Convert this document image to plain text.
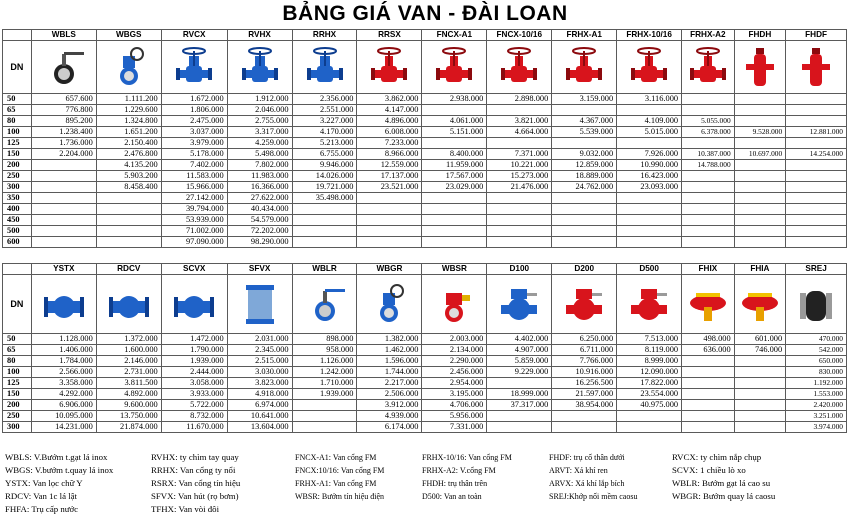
BẢNG GIÁ VAN - ĐÀI LOAN
	WBLS	WBGS	RVCX	RVHX	RRHX	RRSX	FNCX-A1	FNCX-10/16	FRHX-A1	FRHX-10/16	FRHX-A2	FHDH	FHDF
DN	

50	657.600	1.111.200	1.672.000	1.912.000	2.356.000	3.862.000	2.938.000	2.898.000	3.159.000	3.116.000			
65	776.800	1.229.600	1.806.000	2.046.000	2.551.000	4.147.000							
80	895.200	1.324.800	2.475.000	2.755.000	3.227.000	4.896.000	4.061.000	3.821.000	4.367.000	4.109.000	5.055.000		
100	1.238.400	1.651.200	3.037.000	3.317.000	4.170.000	6.008.000	5.151.000	4.664.000	5.539.000	5.015.000	6.378.000	9.528.000	12.881.000
125	1.736.000	2.150.400	3.979.000	4.259.000	5.213.000	7.233.000							
150	2.204.000	2.476.800	5.178.000	5.498.000	6.755.000	8.966.000	8.400.000	7.371.000	9.032.000	7.926.000	10.387.000	10.697.000	14.254.000
200		4.135.200	7.402.000	7.802.000	9.946.000	12.559.000	11.959.000	10.221.000	12.859.000	10.990.000	14.788.000		
250		5.903.200	11.583.000	11.983.000	14.026.000	17.137.000	17.567.000	15.273.000	18.889.000	16.423.000			
300		8.458.400	15.966.000	16.366.000	19.721.000	23.521.000	23.029.000	21.476.000	24.762.000	23.093.000			
350			27.142.000	27.622.000	35.498.000								
400			39.794.000	40.434.000									
450			53.939.000	54.579.000									
500			71.002.000	72.202.000									
600			97.090.000	98.290.000									
	YSTX	RDCV	SCVX	SFVX	WBLR	WBGR	WBSR	D100	D200	D500	FHIX	FHIA	SREJ
DN	

50	1.128.000	1.372.000	1.472.000	2.031.000	898.000	1.382.000	2.003.000	4.402.000	6.250.000	7.513.000	498.000	601.000	470.000
65	1.406.000	1.600.000	1.790.000	2.345.000	958.000	1.462.000	2.134.000	4.907.000	6.711.000	8.119.000	636.000	746.000	542.000
80	1.784.000	2.146.000	1.939.000	2.515.000	1.126.000	1.596.000	2.290.000	5.859.000	7.766.000	8.999.000			650.000
100	2.566.000	2.731.000	2.444.000	3.030.000	1.242.000	1.744.000	2.456.000	9.229.000	10.916.000	12.090.000			830.000
125	3.358.000	3.811.500	3.058.000	3.823.000	1.710.000	2.217.000	2.954.000		16.256.500	17.822.000			1.192.000
150	4.292.000	4.892.000	3.933.000	4.918.000	1.939.000	2.506.000	3.195.000	18.999.000	21.597.000	23.554.000			1.553.000
200	6.906.000	9.600.000	5.722.000	6.974.000		3.912.000	4.706.000	37.317.000	38.954.000	40.975.000			2.420.000
250	10.095.000	13.750.000	8.732.000	10.641.000		4.939.000	5.956.000						3.251.000
300	14.231.000	21.874.000	11.670.000	13.604.000		6.174.000	7.331.000						3.974.000
WBLS: V.Bướm t.gạt lá inox
WBGS: V.bướm t.quay lá inox
YSTX: Van lọc chữ Y
RDCV: Van 1c lá lật
FHFA: Trụ cấp nước
RVHX: ty chìm tay quay
RRHX: Van cổng ty nổi
RSRX: Van cổng tín hiệu
SFVX: Van hút (rọ bơm)
TFHX: Van vòi đôi
FNCX-A1: Van cổng FM
FNCX:10/16: Van cổng FM
FRHX-A1: Van cổng FM
WBSR: Bướm tín hiệu điện
FRHX-10/16: Van cổng FM
FRHX-A2: V.cổng FM
FHDH: trụ thân trên
D500: Van an toàn
FHDF: trụ cố thân dưới
ARVT: Xả khí ren
ARVX: Xả khí lắp bích
SREJ:Khớp nối mềm caosu
RVCX: ty chìm nắp chụp
SCVX: 1 chiều lò xo
WBLR: Bướm gạt lá cao su
WBGR: Bướm quay lá caosu
